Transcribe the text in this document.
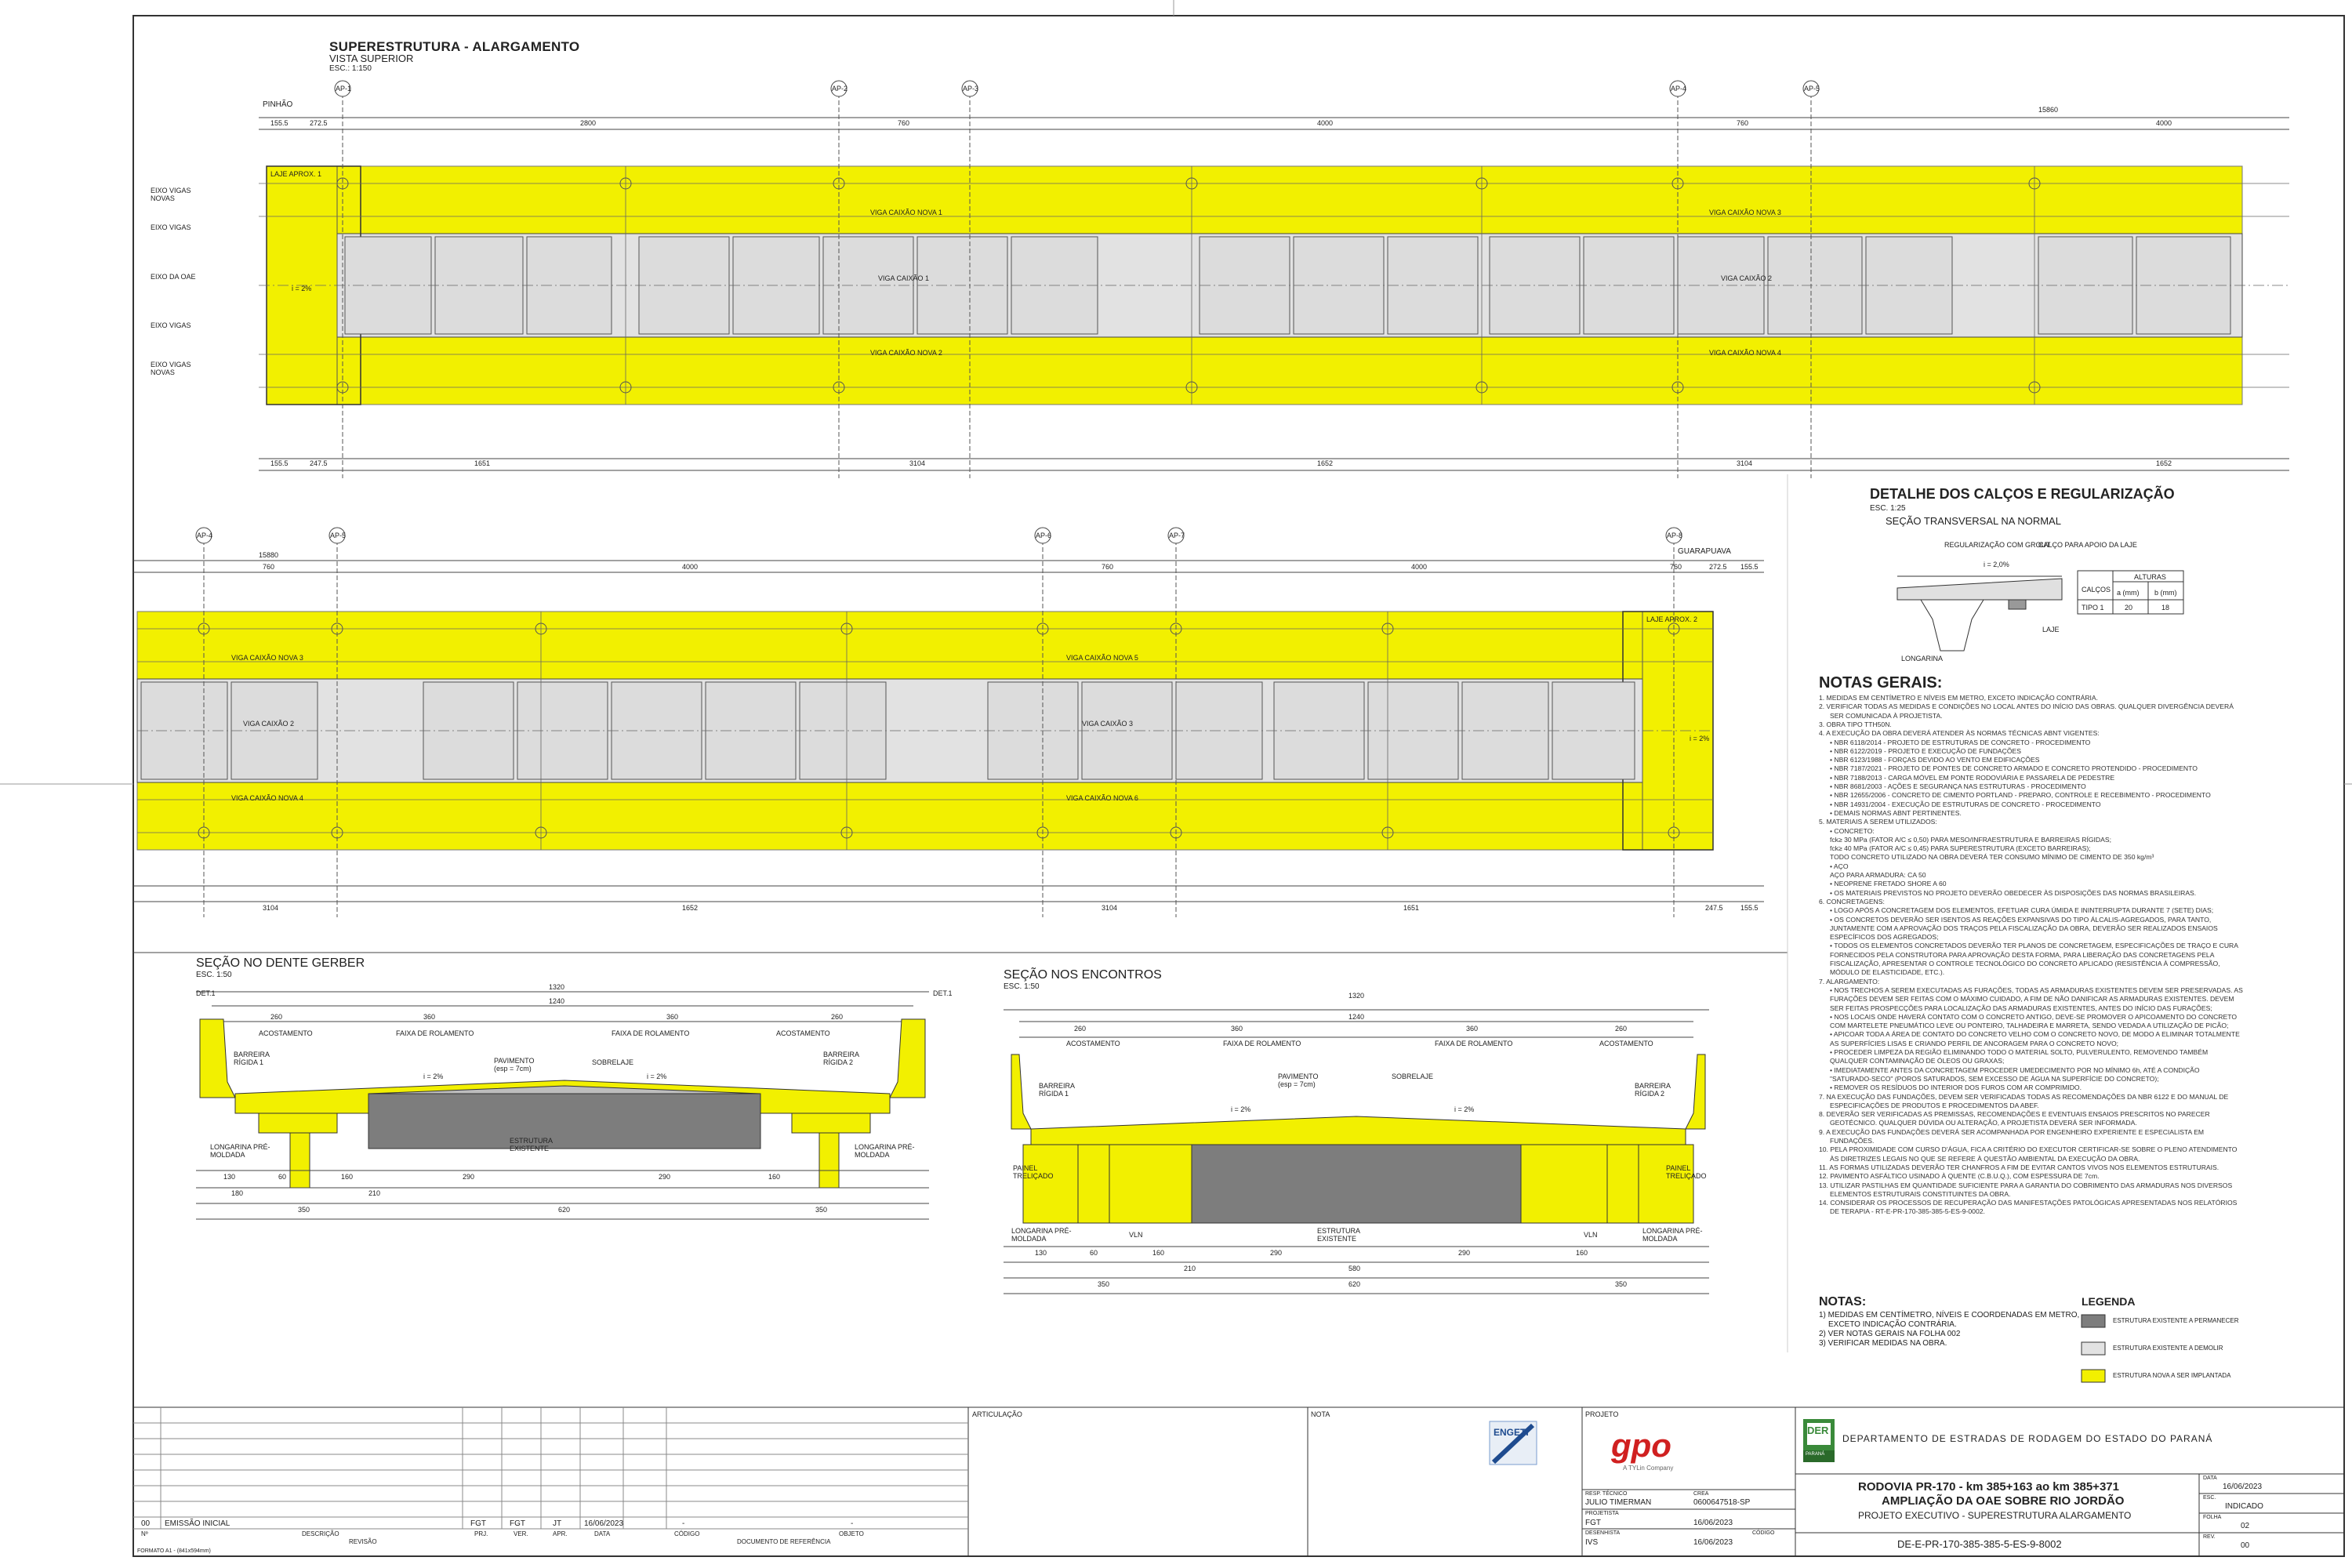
SUPERESTRUTURA - ALARGAMENTO
VISTA SUPERIOR
ESC.: 1:150
PINHÃO
GUARAPUAVA
AP-1	AP-2	AP-3	AP-4	AP-5
AP-4	AP-5	AP-6	AP-7	AP-8
EIXO VIGAS NOVAS
EIXO VIGAS
EIXO DA OAE
EIXO VIGAS
EIXO VIGAS NOVAS
i = 2%
i = 2%
15860
155.5	272.5	2800	760	4000	760	4000
155.5	247.5	1651	3104	1652	3104	1652
15880
760	4000	760	4000	760	272.5 155.5
3104	1652	3104	1651	247.5 155.5
LAJE APROX. 1
LAJE APROX. 2
VIGA CAIXÃO NOVA 1
VIGA CAIXÃO 1
VIGA CAIXÃO NOVA 2
VIGA CAIXÃO NOVA 3
VIGA CAIXÃO 2
VIGA CAIXÃO NOVA 4
VIGA CAIXÃO NOVA 3
VIGA CAIXÃO 2
VIGA CAIXÃO NOVA 4
VIGA CAIXÃO NOVA 5
VIGA CAIXÃO 3
VIGA CAIXÃO NOVA 6
DETALHE DOS CALÇOS E REGULARIZAÇÃO
ESC. 1:25
SEÇÃO TRANSVERSAL NA NORMAL
REGULARIZAÇÃO COM GROUT
CALÇO PARA APOIO DA LAJE
i = 2,0%
LAJE
LONGARINA
CALÇOS
ALTURAS
a (mm) b (mm)
TIPO 1	20	18
SEÇÃO NO DENTE GERBER
ESC. 1:50
1320
1240
260	360	360	260
ACOSTAMENTO	FAIXA DE ROLAMENTO	FAIXA DE ROLAMENTO	ACOSTAMENTO
BARREIRA RÍGIDA 1
BARREIRA RÍGIDA 2
PAVIMENTO (esp = 7cm)
SOBRELAJE
ESTRUTURA EXISTENTE
LONGARINA PRÉ-MOLDADA
LONGARINA PRÉ-MOLDADA
DET.1	DET.1
i = 2%	i = 2%
130	60	160	290	290	160
210
350	620	350
180
SEÇÃO NOS ENCONTROS
ESC. 1:50
1320
1240
260	360	360	260
ACOSTAMENTO	FAIXA DE ROLAMENTO	FAIXA DE ROLAMENTO	ACOSTAMENTO
BARREIRA RÍGIDA 1
BARREIRA RÍGIDA 2
PAVIMENTO (esp = 7cm)
SOBRELAJE
ESTRUTURA EXISTENTE
PAINEL TRELIÇADO
PAINEL TRELIÇADO
LONGARINA PRÉ-MOLDADA
LONGARINA PRÉ-MOLDADA
VLN	VLN
i = 2%	i = 2%
130	60	160	290	290	160
210	580
350	620	350
NOTAS GERAIS:
1. MEDIDAS EM CENTÍMETRO E NÍVEIS EM METRO, EXCETO INDICAÇÃO CONTRÁRIA.
2. VERIFICAR TODAS AS MEDIDAS E CONDIÇÕES NO LOCAL ANTES DO INÍCIO DAS OBRAS. QUALQUER DIVERGÊNCIA DEVERÁ
SER COMUNICADA À PROJETISTA.
3. OBRA TIPO TTH50N.
4. A EXECUÇÃO DA OBRA DEVERÁ ATENDER ÀS NORMAS TÉCNICAS ABNT VIGENTES:
• NBR 6118/2014 - PROJETO DE ESTRUTURAS DE CONCRETO - PROCEDIMENTO
• NBR 6122/2019 - PROJETO E EXECUÇÃO DE FUNDAÇÕES
• NBR 6123/1988 - FORÇAS DEVIDO AO VENTO EM EDIFICAÇÕES
• NBR 7187/2021 - PROJETO DE PONTES DE CONCRETO ARMADO E CONCRETO PROTENDIDO - PROCEDIMENTO
• NBR 7188/2013 - CARGA MÓVEL EM PONTE RODOVIÁRIA E PASSARELA DE PEDESTRE
• NBR 8681/2003 - AÇÕES E SEGURANÇA NAS ESTRUTURAS - PROCEDIMENTO
• NBR 12655/2006 - CONCRETO DE CIMENTO PORTLAND - PREPARO, CONTROLE E RECEBIMENTO - PROCEDIMENTO
• NBR 14931/2004 - EXECUÇÃO DE ESTRUTURAS DE CONCRETO - PROCEDIMENTO
• DEMAIS NORMAS ABNT PERTINENTES.
5. MATERIAIS A SEREM UTILIZADOS:
• CONCRETO:
fck≥ 30 MPa (FATOR A/C ≤ 0,50) PARA MESO/INFRAESTRUTURA E BARREIRAS RÍGIDAS;
fck≥ 40 MPa (FATOR A/C ≤ 0,45) PARA SUPERESTRUTURA (EXCETO BARREIRAS);
TODO CONCRETO UTILIZADO NA OBRA DEVERÁ TER CONSUMO MÍNIMO DE CIMENTO DE 350 kg/m³
• AÇO
AÇO PARA ARMADURA: CA 50
• NEOPRENE FRETADO SHORE A 60
• OS MATERIAIS PREVISTOS NO PROJETO DEVERÃO OBEDECER ÀS DISPOSIÇÕES DAS NORMAS BRASILEIRAS.
6. CONCRETAGENS:
• LOGO APÓS A CONCRETAGEM DOS ELEMENTOS, EFETUAR CURA ÚMIDA E ININTERRUPTA DURANTE 7 (SETE) DIAS;
• OS CONCRETOS DEVERÃO SER ISENTOS AS REAÇÕES EXPANSIVAS DO TIPO ÁLCALIS-AGREGADOS, PARA TANTO,
JUNTAMENTE COM A APROVAÇÃO DOS TRAÇOS PELA FISCALIZAÇÃO DA OBRA, DEVERÃO SER REALIZADOS ENSAIOS
ESPECÍFICOS DOS AGREGADOS;
• TODOS OS ELEMENTOS CONCRETADOS DEVERÃO TER PLANOS DE CONCRETAGEM, ESPECIFICAÇÕES DE TRAÇO E CURA
FORNECIDOS PELA CONSTRUTORA PARA APROVAÇÃO DESTA FORMA, PARA LIBERAÇÃO DAS CONCRETAGENS PELA
FISCALIZAÇÃO, APRESENTAR O CONTROLE TECNOLÓGICO DO CONCRETO APLICADO (RESISTÊNCIA À COMPRESSÃO,
MÓDULO DE ELASTICIDADE, ETC.).
7. ALARGAMENTO:
• NOS TRECHOS A SEREM EXECUTADAS AS FURAÇÕES, TODAS AS ARMADURAS EXISTENTES DEVEM SER PRESERVADAS. AS
FURAÇÕES DEVEM SER FEITAS COM O MÁXIMO CUIDADO, A FIM DE NÃO DANIFICAR AS ARMADURAS EXISTENTES. DEVEM
SER FEITAS PROSPECÇÕES PARA LOCALIZAÇÃO DAS ARMADURAS EXISTENTES, ANTES DO INÍCIO DAS FURAÇÕES;
• NOS LOCAIS ONDE HAVERÁ CONTATO COM O CONCRETO ANTIGO, DEVE-SE PROMOVER O APICOAMENTO DO CONCRETO
COM MARTELETE PNEUMÁTICO LEVE OU PONTEIRO, TALHADEIRA E MARRETA, SENDO VEDADA A UTILIZAÇÃO DE PICÃO;
• APICOAR TODA A ÁREA DE CONTATO DO CONCRETO VELHO COM O CONCRETO NOVO, DE MODO A ELIMINAR TOTALMENTE
AS SUPERFÍCIES LISAS E CRIANDO PERFIL DE ANCORAGEM PARA O CONCRETO NOVO;
• PROCEDER LIMPEZA DA REGIÃO ELIMINANDO TODO O MATERIAL SOLTO, PULVERULENTO, REMOVENDO TAMBÉM
QUALQUER CONTAMINAÇÃO DE ÓLEOS OU GRAXAS;
• IMEDIATAMENTE ANTES DA CONCRETAGEM PROCEDER UMEDECIMENTO POR NO MÍNIMO 6h, ATÉ A CONDIÇÃO
"SATURADO-SECO" (POROS SATURADOS, SEM EXCESSO DE ÁGUA NA SUPERFÍCIE DO CONCRETO);
• REMOVER OS RESÍDUOS DO INTERIOR DOS FUROS COM AR COMPRIMIDO.
7. NA EXECUÇÃO DAS FUNDAÇÕES, DEVEM SER VERIFICADAS TODAS AS RECOMENDAÇÕES DA NBR 6122 E DO MANUAL DE
ESPECIFICAÇÕES DE PRODUTOS E PROCEDIMENTOS DA ABEF.
8. DEVERÃO SER VERIFICADAS AS PREMISSAS, RECOMENDAÇÕES E EVENTUAIS ENSAIOS PRESCRITOS NO PARECER
GEOTÉCNICO. QUALQUER DÚVIDA OU ALTERAÇÃO, A PROJETISTA DEVERÁ SER INFORMADA.
9. A EXECUÇÃO DAS FUNDAÇÕES DEVERÁ SER ACOMPANHADA POR ENGENHEIRO EXPERIENTE E ESPECIALISTA EM
FUNDAÇÕES.
10. PELA PROXIMIDADE COM CURSO D'ÁGUA, FICA A CRITÉRIO DO EXECUTOR CERTIFICAR-SE SOBRE O PLENO ATENDIMENTO
ÀS DIRETRIZES LEGAIS NO QUE SE REFERE À QUESTÃO AMBIENTAL DA EXECUÇÃO DA OBRA.
11. AS FORMAS UTILIZADAS DEVERÃO TER CHANFROS A FIM DE EVITAR CANTOS VIVOS NOS ELEMENTOS ESTRUTURAIS.
12. PAVIMENTO ASFÁLTICO USINADO À QUENTE (C.B.U.Q.), COM ESPESSURA DE 7cm.
13. UTILIZAR PASTILHAS EM QUANTIDADE SUFICIENTE PARA A GARANTIA DO COBRIMENTO DAS ARMADURAS NOS DIVERSOS
ELEMENTOS ESTRUTURAIS CONSTITUINTES DA OBRA.
14. CONSIDERAR OS PROCESSOS DE RECUPERAÇÃO DAS MANIFESTAÇÕES PATOLÓGICAS APRESENTADAS NOS RELATÓRIOS
DE TERAPIA - RT-E-PR-170-385-385-5-ES-9-0002.
NOTAS:
1) MEDIDAS EM CENTÍMETRO, NÍVEIS E COORDENADAS EM METRO,
EXCETO INDICAÇÃO CONTRÁRIA.
2) VER NOTAS GERAIS NA FOLHA 002
3) VERIFICAR MEDIDAS NA OBRA.
LEGENDA
ESTRUTURA EXISTENTE A PERMANECER
ESTRUTURA EXISTENTE A DEMOLIR
ESTRUTURA NOVA A SER IMPLANTADA
ARTICULAÇÃO	NOTA	PROJETO
00 EMISSÃO INICIAL	FGT	FGT	JT	16/06/2023	-	-
Nº	DESCRIÇÃO	PRJ.	VER.	APR.	DATA	CÓDIGO	OBJETO
REVISÃO	DOCUMENTO DE REFERÊNCIA
FORMATO A1 - (841x594mm)
gpo
A TYLin Company
ENGETI
RESP. TÉCNICO
JULIO TIMERMAN
CREA
0600647518-SP
PROJETISTA
FGT	16/06/2023
DESENHISTA
IVS	16/06/2023
CÓDIGO
DER
PARANÁ
DEPARTAMENTO DE ESTRADAS DE RODAGEM DO ESTADO DO PARANÁ
RODOVIA PR-170 - km 385+163 ao km 385+371
AMPLIAÇÃO DA OAE SOBRE RIO JORDÃO
PROJETO EXECUTIVO - SUPERESTRUTURA ALARGAMENTO
DE-E-PR-170-385-385-5-ES-9-8002
DATA
16/06/2023
ESC.
INDICADO
FOLHA
02
REV.
00
